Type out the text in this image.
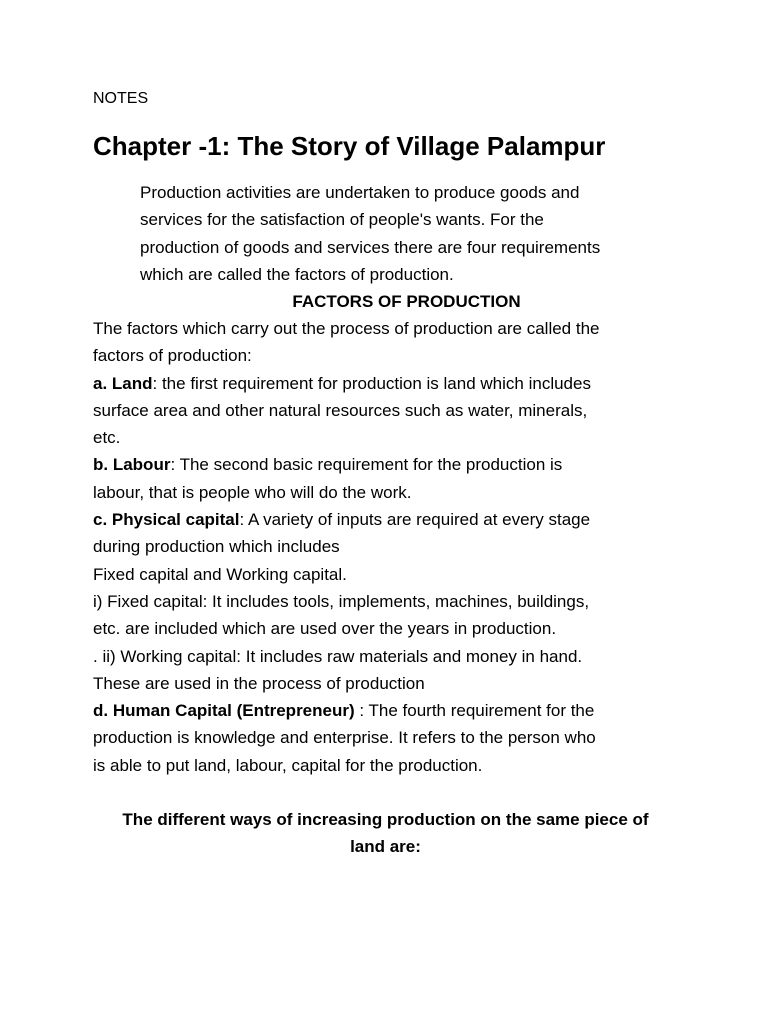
NOTES
Chapter -1: The Story of Village Palampur
Production activities are undertaken to produce goods and
services for the satisfaction of people's wants. For the
production of goods and services there are four requirements
which are called the factors of production.
FACTORS OF PRODUCTION
The factors which carry out the process of production are called the
factors of production:
a. Land: the first requirement for production is land which includes
surface area and other natural resources such as water, minerals,
etc.
b. Labour: The second basic requirement for the production is
labour, that is people who will do the work.
c. Physical capital: A variety of inputs are required at every stage
during production which includes
Fixed capital and Working capital.
i) Fixed capital: It includes tools, implements, machines, buildings,
etc. are included which are used over the years in production.
. ii) Working capital: It includes raw materials and money in hand.
These are used in the process of production
d. Human Capital (Entrepreneur) : The fourth requirement for the
production is knowledge and enterprise. It refers to the person who
is able to put land, labour, capital for the production.
The different ways of increasing production on the same piece of
land are:
